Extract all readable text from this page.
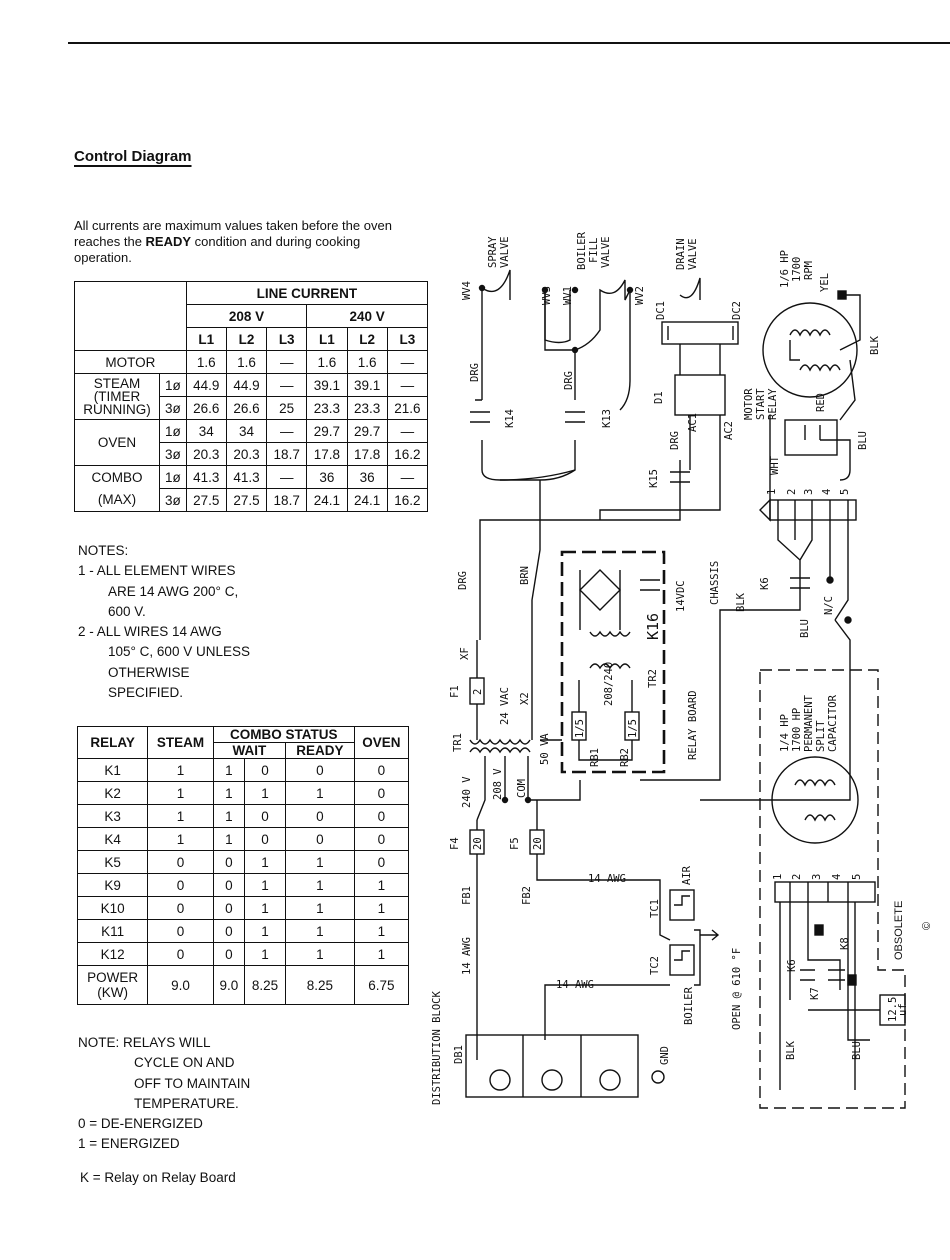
Control Diagram
All currents are maximum values taken before the oven reaches the READY condition and during cooking operation.
		LINE CURRENT					
		208 V			240 V		
		L1	L2	L3	L1	L2	L3
MOTOR		1.6	1.6	—	1.6	1.6	—

STEAM
(TIMER
RUNNING)	1ø	44.9	44.9	—	39.1	39.1	—
	3ø	26.6	26.6	25	23.3	23.3	21.6
OVEN	1ø	34	34	—	29.7	29.7	—
	3ø	20.3	20.3	18.7	17.8	17.8	16.2
COMBO	1ø	41.3	41.3	—	36	36	—
(MAX)	3ø	27.5	27.5	18.7	24.1	24.1	16.2
NOTES:
1 - ALL ELEMENT WIRES
ARE 14 AWG 200° C,
600 V.
2 - ALL WIRES 14 AWG
105° C, 600 V UNLESS
OTHERWISE
SPECIFIED.
RELAY	STEAM	COMBO STATUS			OVEN
		WAIT		READY	
K1	1	1	0	0	0
K2	1	1	1	1	0
K3	1	1	0	0	0
K4	1	1	0	0	0
K5	0	0	1	1	0
K9	0	0	1	1	1
K10	0	0	1	1	1
K11	0	0	1	1	1
K12	0	0	1	1	1

POWER
(KW)	9.0	9.0	8.25	8.25	6.75
NOTE: RELAYS WILL
CYCLE ON AND
OFF TO MAINTAIN
TEMPERATURE.
0 = DE-ENERGIZED
1 = ENERGIZED
K = Relay on Relay Board
WV4
SPRAY VALVE
WV3 WV1
BOILER FILL VALVE
WV2
DC1
DRAIN VALVE
DC2
1/6 HP 1700 RPM
YEL
BLK
DRG	DRG
DRG
DRG
K14	K13
K15
D1
AC1 AC2
MOTOR START RELAY	RED
BLU
WHT
1 2 3 4 5
BRN	K6
BLK
BLU
N/C
14VDC CHASSIS
K16
TR2
RELAY BOARD
208/240
RB1 RB2
1/5	1/5
XF
F1 2 24 VAC X2
50 VA
TR1
240 V 208 V COM
F4 20 F5 20
FB1	FB2
14 AWG
14 AWG
14 AWG
TC1
AIR
TC2
BOILER	OPEN @ 610 °F
DB1
DISTRIBUTION BLOCK	GND
1/4 HP 1700 HP PERMANENT SPLIT CAPACITOR
OBSOLETE ©
K6
K7
K8
12.5
uf
BLK	BLU
1 2 3 4 5
